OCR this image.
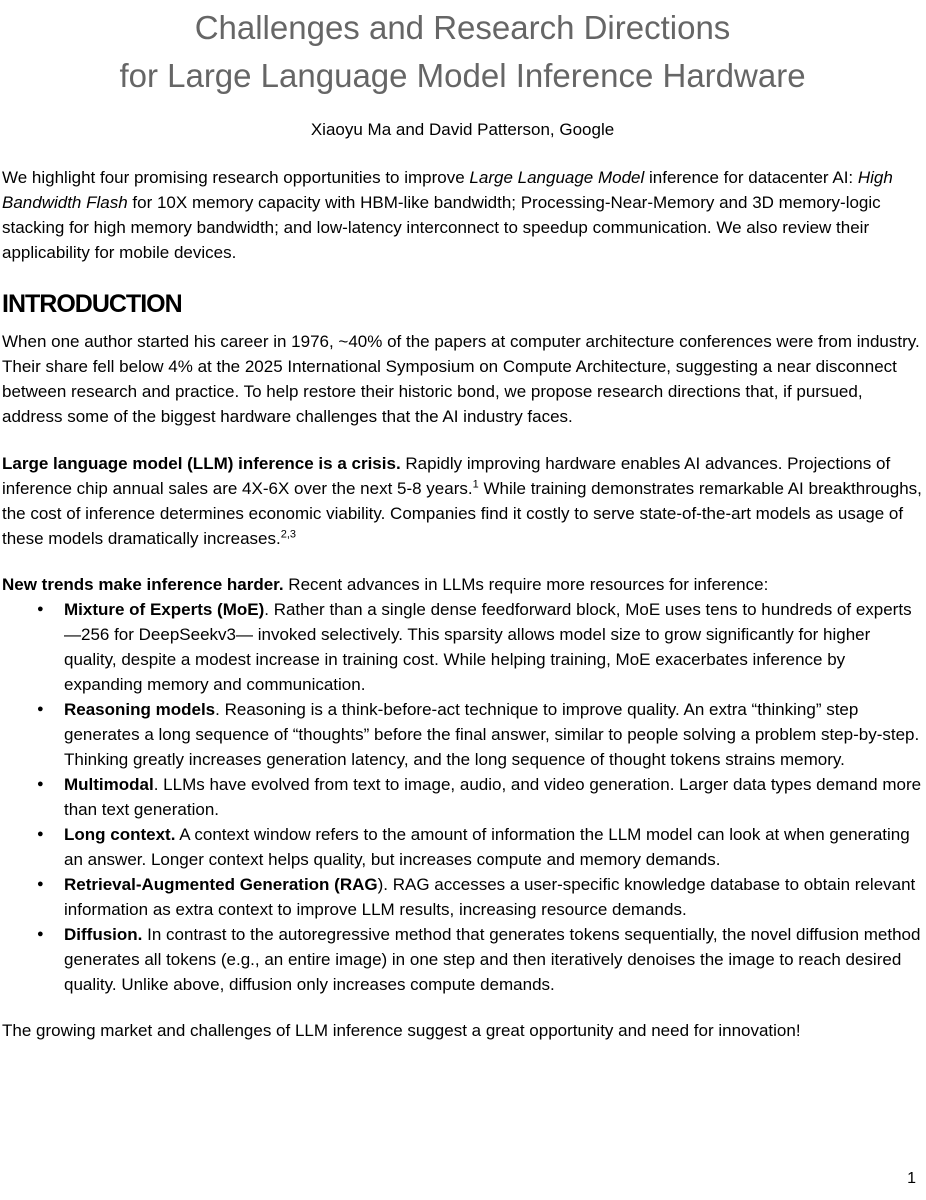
Challenges and Research Directions
for Large Language Model Inference Hardware
Xiaoyu Ma and David Patterson, Google

We highlight four promising research opportunities to improve Large Language Model inference for datacenter AI: High Bandwidth Flash for 10X memory capacity with HBM-like bandwidth; Processing-Near-Memory and 3D memory-logic stacking for high memory bandwidth; and low-latency interconnect to speedup communication. We also review their applicability for mobile devices.

INTRODUCTION

When one author started his career in 1976, ~40% of the papers at computer architecture conferences were from industry. Their share fell below 4% at the 2025 International Symposium on Compute Architecture, suggesting a near disconnect between research and practice. To help restore their historic bond, we propose research directions that, if pursued, address some of the biggest hardware challenges that the AI industry faces.

Large language model (LLM) inference is a crisis. Rapidly improving hardware enables AI advances. Projections of inference chip annual sales are 4X-6X over the next 5-8 years.$^1$ While training demonstrates remarkable AI breakthroughs, the cost of inference determines economic viability. Companies find it costly to serve state-of-the-art models as usage of these models dramatically increases.$^{2,3}$

New trends make inference harder. Recent advances in LLMs require more resources for inference:

● Mixture of Experts (MoE). Rather than a single dense feedforward block, MoE uses tens to hundreds of experts—256 for DeepSeekv3— invoked selectively. This sparsity allows model size to grow significantly for higher quality, despite a modest increase in training cost. While helping training, MoE exacerbates inference by expanding memory and communication.
● Reasoning models. Reasoning is a think-before-act technique to improve quality. An extra “thinking” step generates a long sequence of “thoughts” before the final answer, similar to people solving a problem step-by-step. Thinking greatly increases generation latency, and the long sequence of thought tokens strains memory.
● Multimodal. LLMs have evolved from text to image, audio, and video generation. Larger data types demand more than text generation.
● Long context. A context window refers to the amount of information the LLM model can look at when generating an answer. Longer context helps quality, but increases compute and memory demands.
● Retrieval-Augmented Generation (RAG). RAG accesses a user-specific knowledge database to obtain relevant information as extra context to improve LLM results, increasing resource demands.
● Diffusion. In contrast to the autoregressive method that generates tokens sequentially, the novel diffusion method generates all tokens (e.g., an entire image) in one step and then iteratively denoises the image to reach desired quality. Unlike above, diffusion only increases compute demands.

The growing market and challenges of LLM inference suggest a great opportunity and need for innovation!

1
